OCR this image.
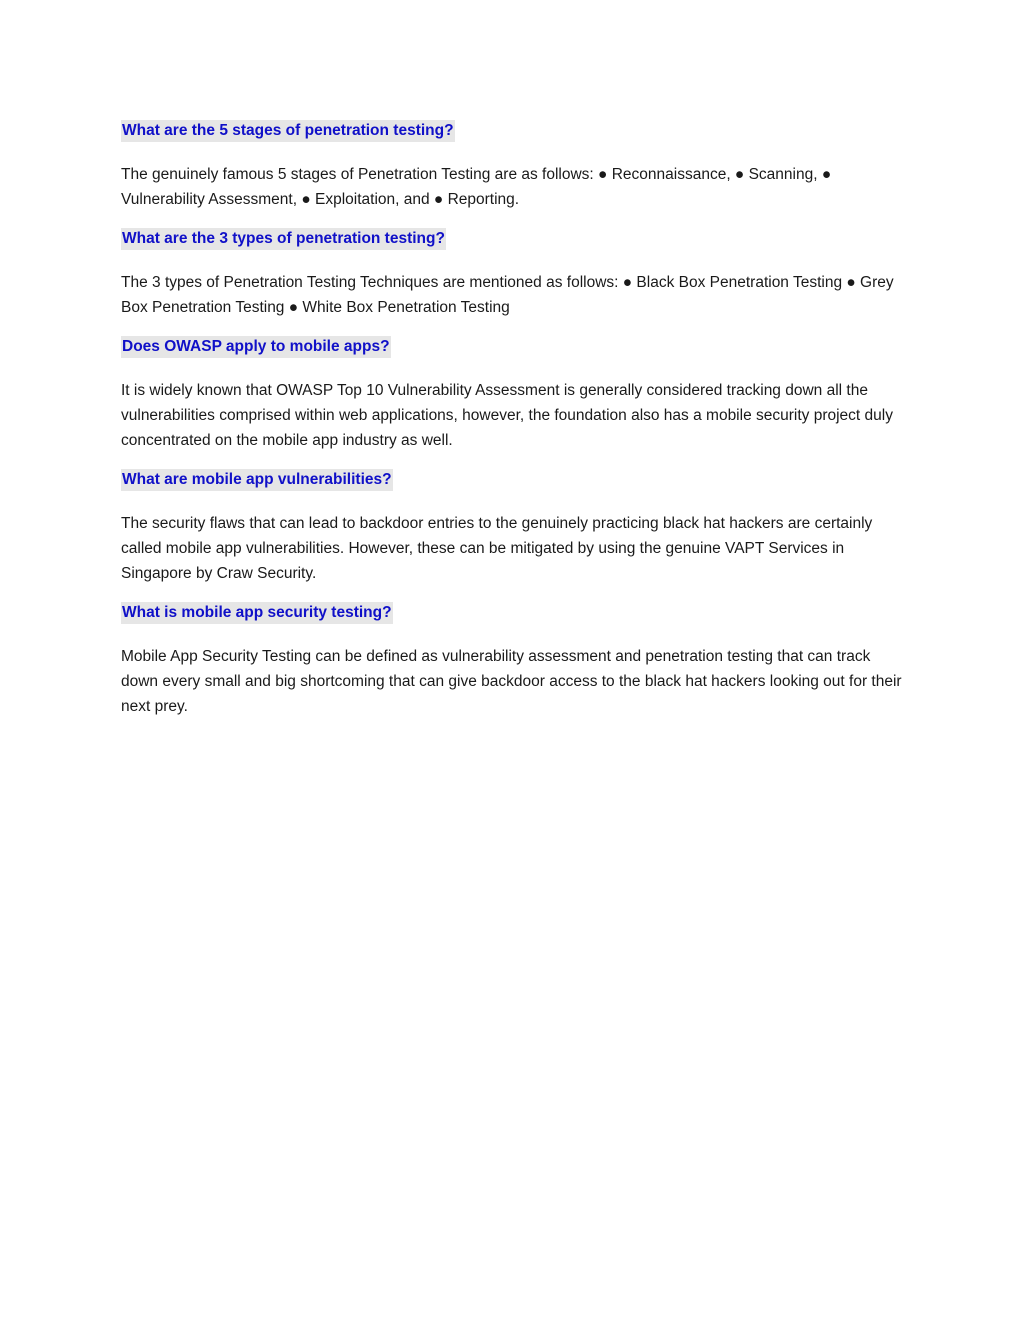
What are the 5 stages of penetration testing?

The genuinely famous 5 stages of Penetration Testing are as follows: ● Reconnaissance, ● Scanning, ● Vulnerability Assessment, ● Exploitation, and ● Reporting.

What are the 3 types of penetration testing?

The 3 types of Penetration Testing Techniques are mentioned as follows: ● Black Box Penetration Testing ● Grey Box Penetration Testing ● White Box Penetration Testing

Does OWASP apply to mobile apps?

It is widely known that OWASP Top 10 Vulnerability Assessment is generally considered tracking down all the vulnerabilities comprised within web applications, however, the foundation also has a mobile security project duly concentrated on the mobile app industry as well.

What are mobile app vulnerabilities?

The security flaws that can lead to backdoor entries to the genuinely practicing black hat hackers are certainly called mobile app vulnerabilities. However, these can be mitigated by using the genuine VAPT Services in Singapore by Craw Security.

What is mobile app security testing?

Mobile App Security Testing can be defined as vulnerability assessment and penetration testing that can track down every small and big shortcoming that can give backdoor access to the black hat hackers looking out for their next prey.
